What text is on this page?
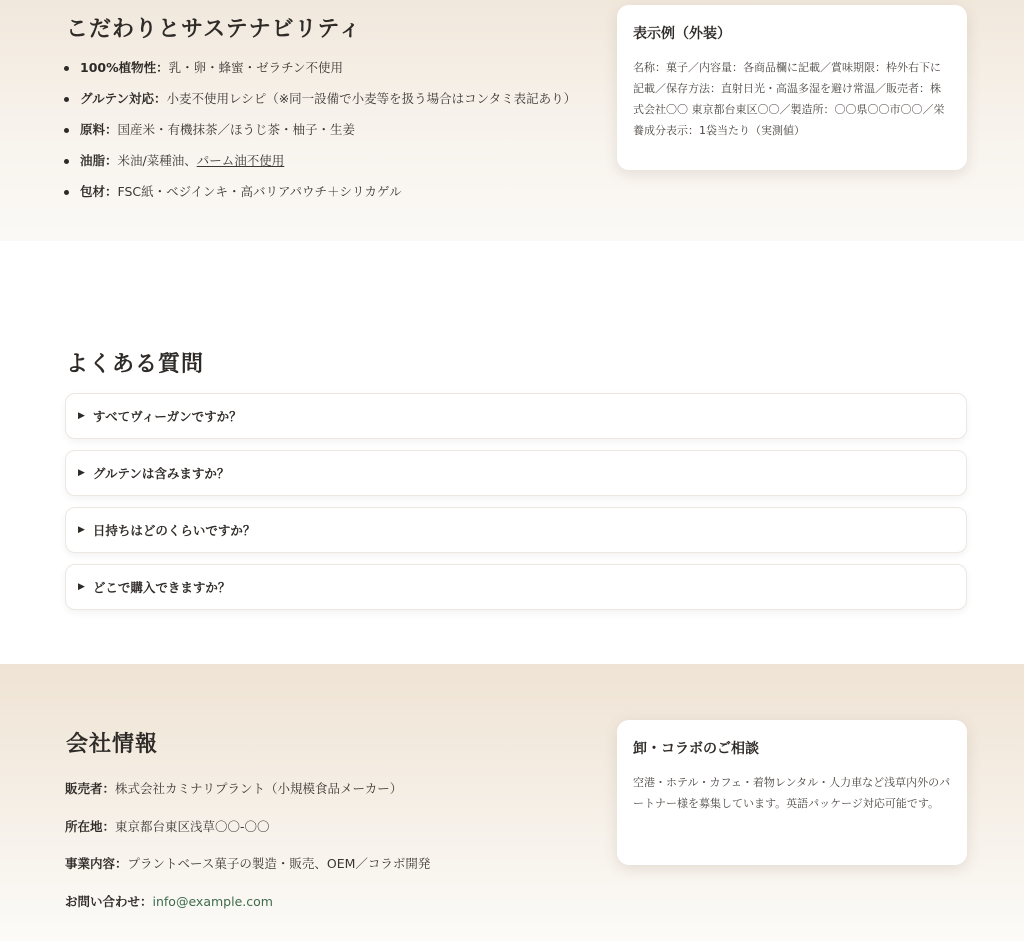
こだわりとサステナビリティ
100%植物性：乳・卵・蜂蜜・ゼラチン不使用
グルテン対応：小麦不使用レシピ（※同一設備で小麦等を扱う場合はコンタミ表記あり）
原料：国産米・有機抹茶／ほうじ茶・柚子・生姜
油脂：米油/菜種油、パーム油不使用
包材：FSC紙・ベジインキ・高バリアパウチ＋シリカゲル
表示例（外装）
名称：菓子／内容量：各商品欄に記載／賞味期限：枠外右下に記載／保存方法：直射日光・高温多湿を避け常温／販売者：株式会社〇〇 東京都台東区〇〇／製造所：〇〇県〇〇市〇〇／栄養成分表示：1袋当たり（実測値）
よくある質問
▶ すべてヴィーガンですか？
▶ グルテンは含みますか？
▶ 日持ちはどのくらいですか？
▶ どこで購入できますか？
会社情報
販売者：株式会社カミナリプラント（小規模食品メーカー）
所在地：東京都台東区浅草〇〇-〇〇
事業内容：プラントベース菓子の製造・販売、OEM／コラボ開発
お問い合わせ：info@example.com
卸・コラボのご相談
空港・ホテル・カフェ・着物レンタル・人力車など浅草内外のパートナー様を募集しています。英語パッケージ対応可能です。
